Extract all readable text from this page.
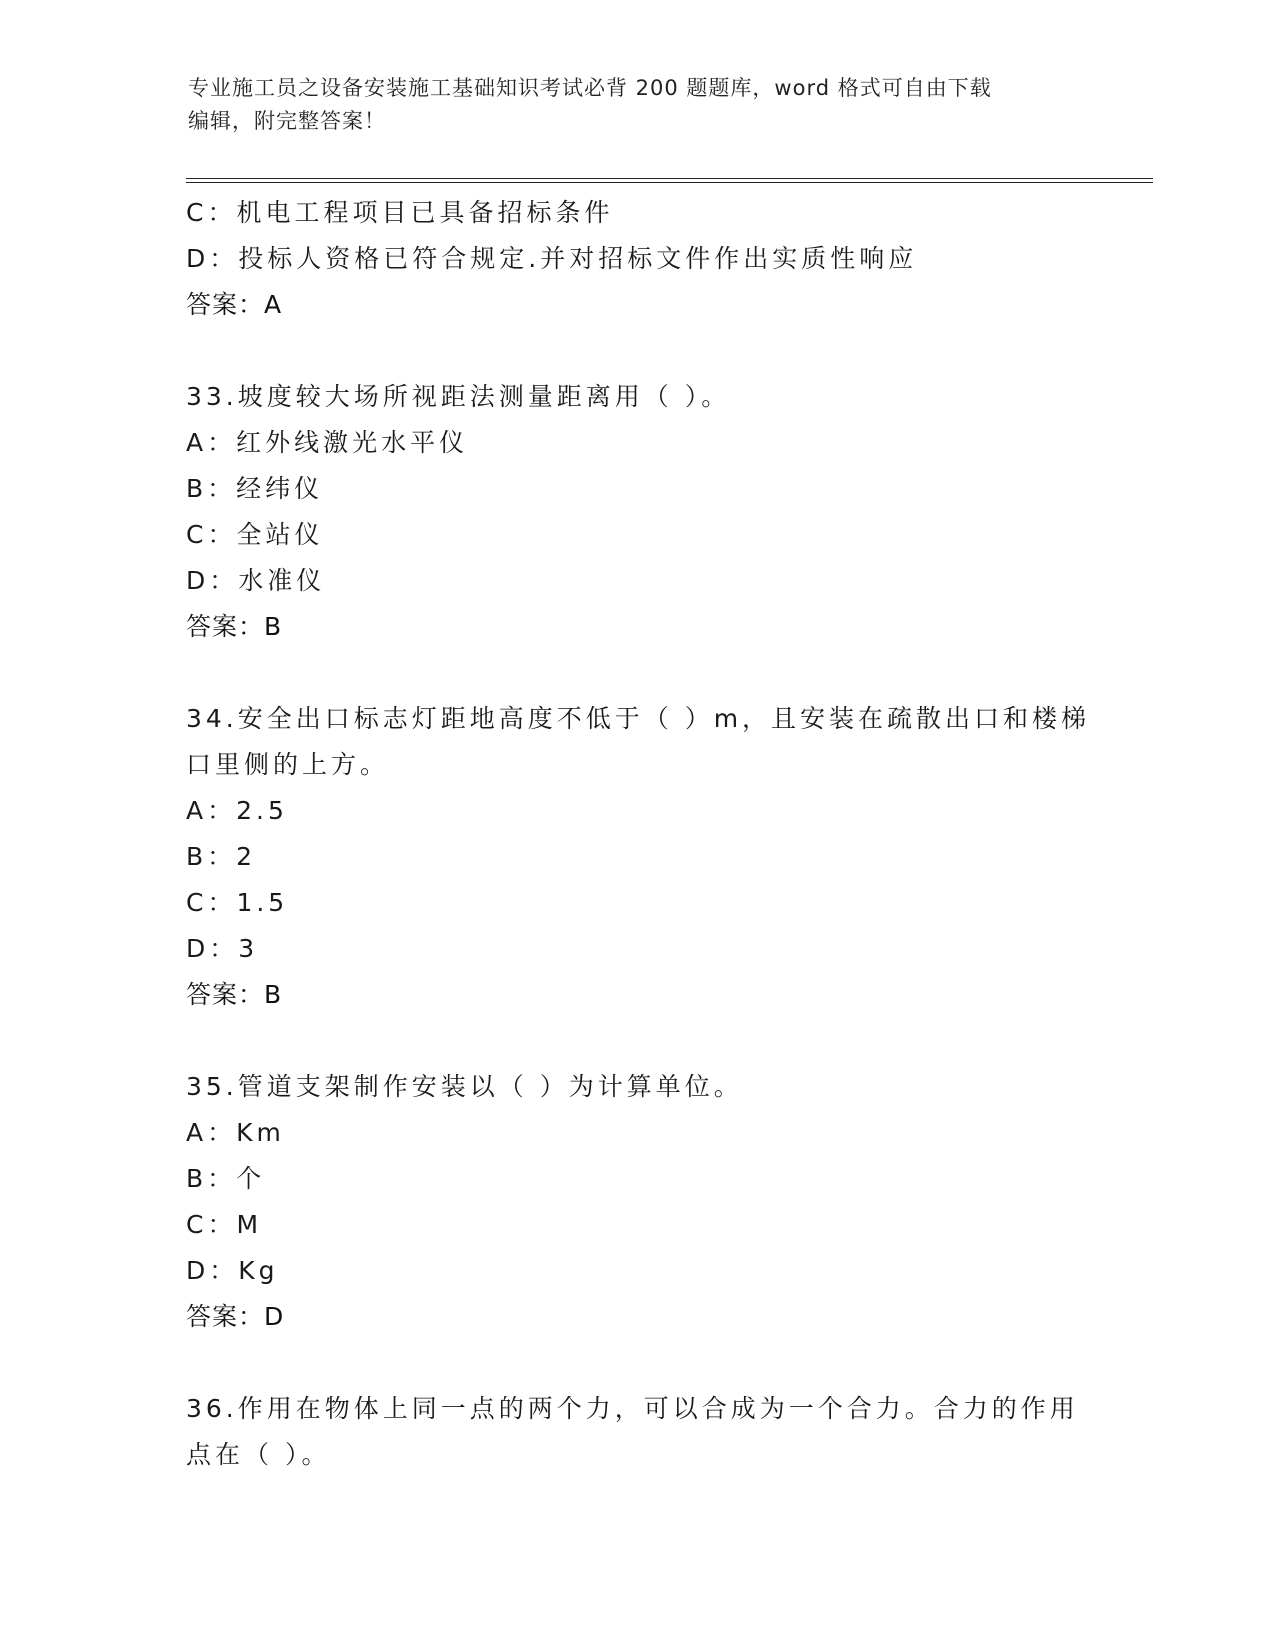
专业施工员之设备安装施工基础知识考试必背 200 题题库，word 格式可自由下载
编辑，附完整答案！
C：机电工程项目已具备招标条件
D：投标人资格已符合规定.并对招标文件作出实质性响应
答案：A
33.坡度较大场所视距法测量距离用（ ）。
A：红外线激光水平仪
B：经纬仪
C：全站仪
D：水准仪
答案：B
34.安全出口标志灯距地高度不低于（ ）m，且安装在疏散出口和楼梯
口里侧的上方。
A：2.5
B：2
C：1.5
D：3
答案：B
35.管道支架制作安装以（ ）为计算单位。
A：Km
B：个
C：M
D：Kg
答案：D
36.作用在物体上同一点的两个力，可以合成为一个合力。合力的作用
点在（ ）。
